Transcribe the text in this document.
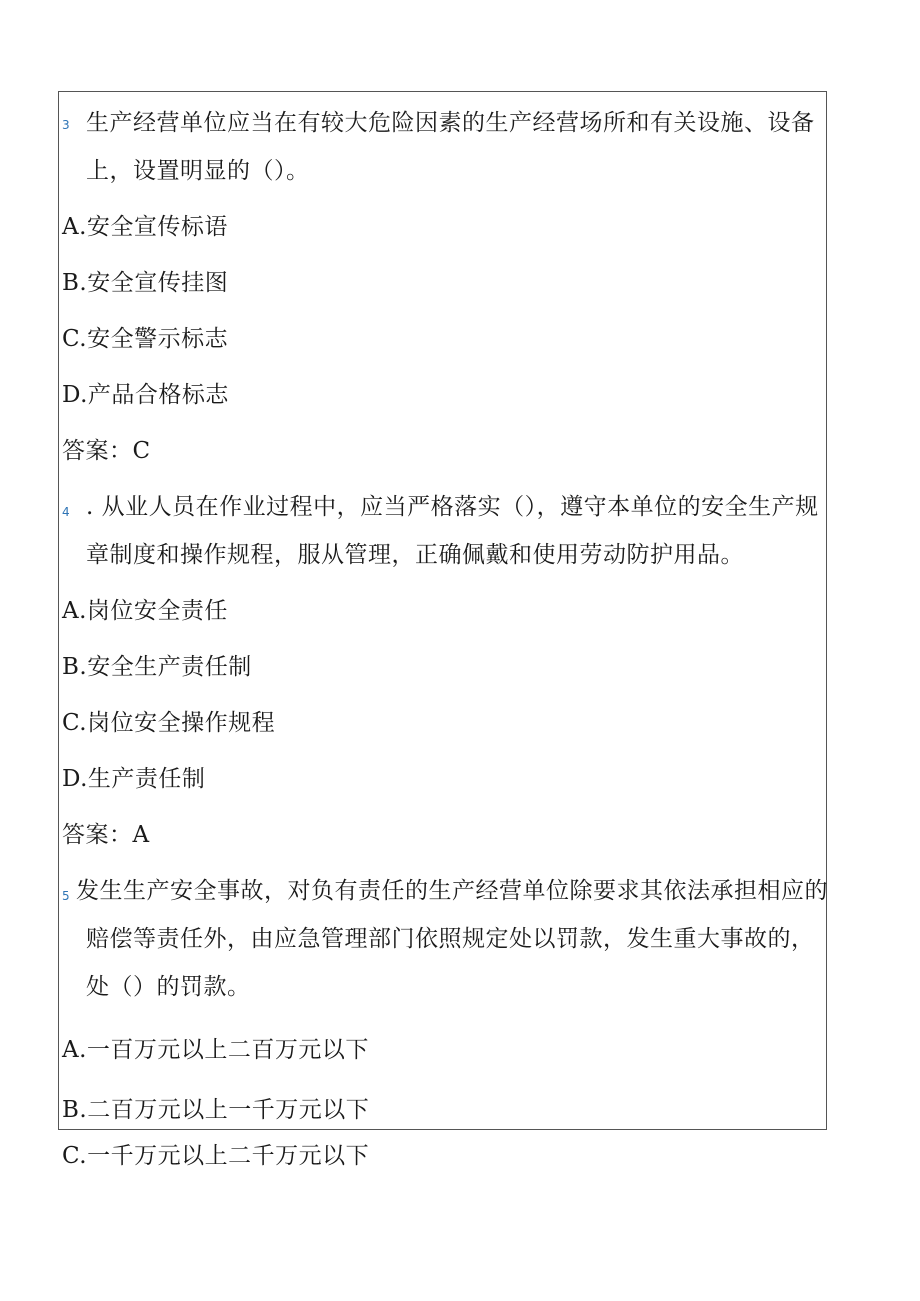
3 生产经营单位应当在有较大危险因素的生产经营场所和有关设施、设备
上，设置明显的（）。
A.安全宣传标语
B.安全宣传挂图
C.安全警示标志
D.产品合格标志
答案：C
4 . 从业人员在作业过程中，应当严格落实（），遵守本单位的安全生产规
章制度和操作规程，服从管理，正确佩戴和使用劳动防护用品。
A.岗位安全责任
B.安全生产责任制
C.岗位安全操作规程
D.生产责任制
答案：A
5 发生生产安全事故，对负有责任的生产经营单位除要求其依法承担相应的
赔偿等责任外，由应急管理部门依照规定处以罚款，发生重大事故的，
处（）的罚款。
A.一百万元以上二百万元以下
B.二百万元以上一千万元以下
C.一千万元以上二千万元以下
